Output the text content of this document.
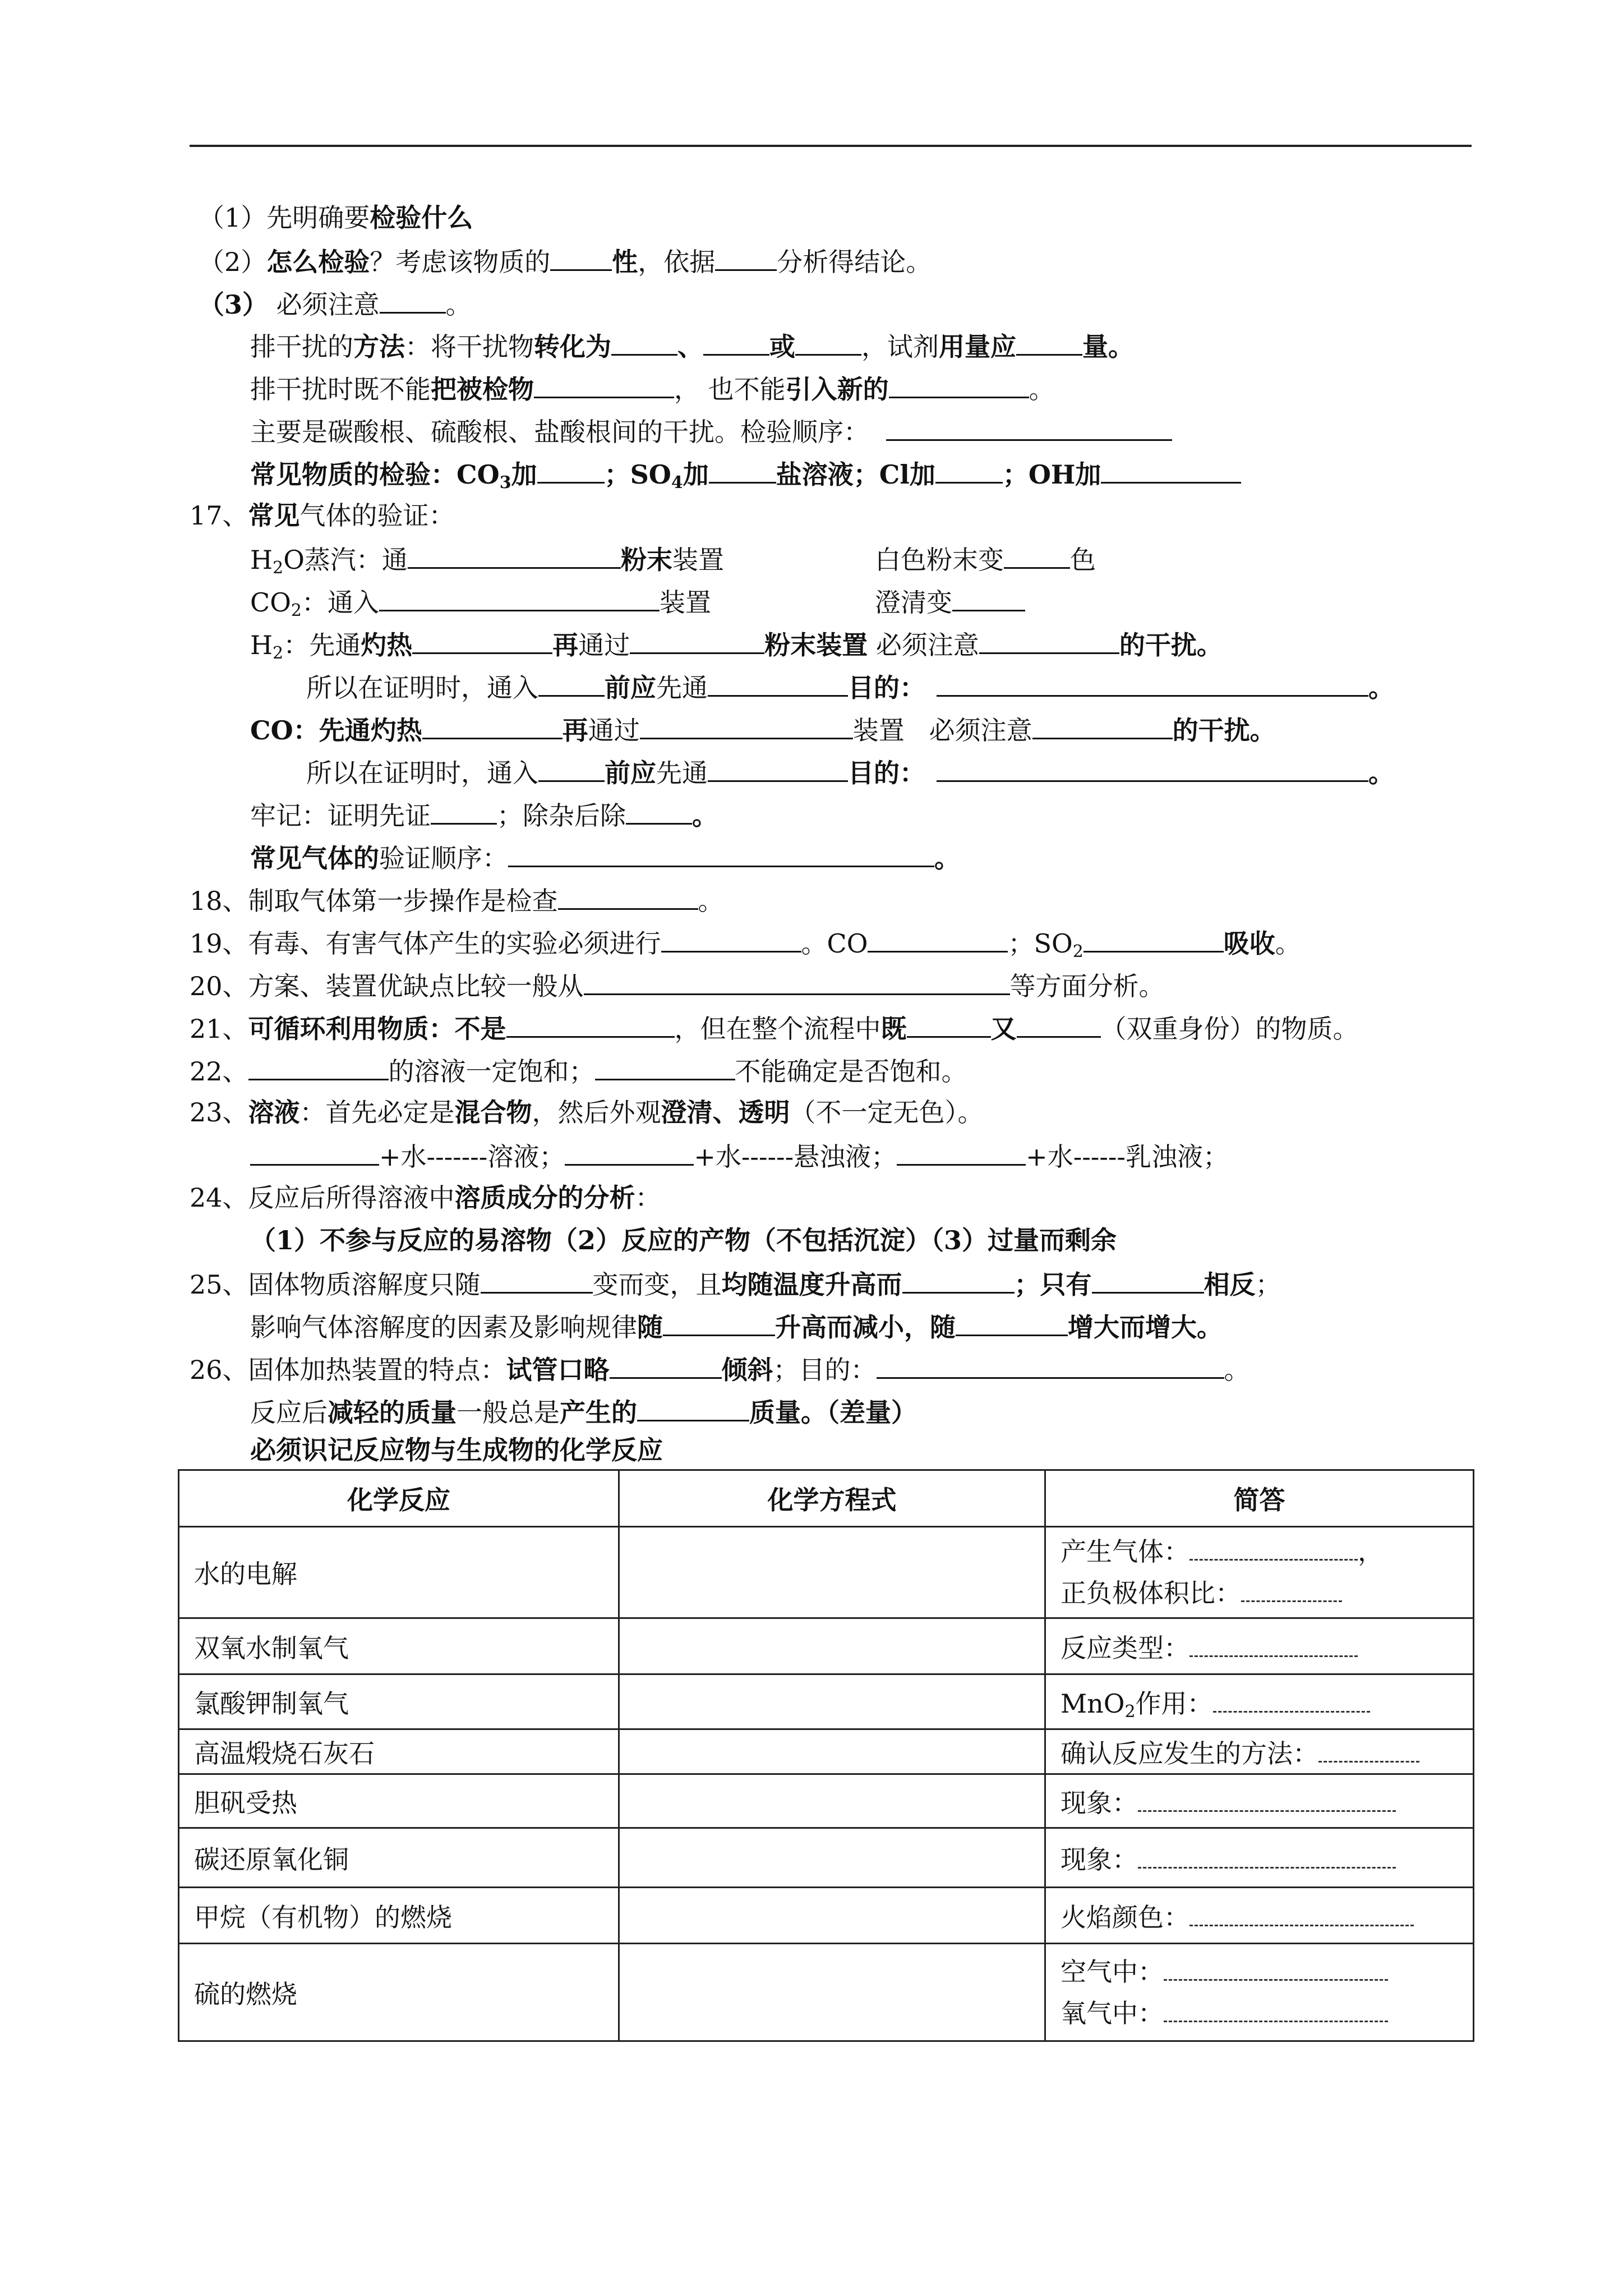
（1）先明确要检验什么
（2）怎么检验？考虑该物质的 性，依据 分析得结论。
（3） 必须注意	。
排干扰的方法：将干扰物转化为	、	或	，试剂用量应	量。
排干扰时既不能把被检物	， 也不能引入新的	。
主要是碳酸根、硫酸根、盐酸根间的干扰。检验顺序：
常见物质的检验：$CO_3$加	；$SO_4$加	盐溶液；Cl加	；OH加
17、常见气体的验证：
$H_2O$蒸汽：通	粉末装置	白色粉末变	色
$CO_2$：通入	装置	澄清变
$H_2$：先通灼热	再通过	粉末装置 必须注意	的干扰。
所以在证明时，通入	前应先通	目的：	。
CO：先通灼热	再通过	装置 必须注意	的干扰。
所以在证明时，通入	前应先通	目的：	。
牢记：证明先证	；除杂后除	。
常见气体的验证顺序：	。
18、制取气体第一步操作是检查	。
19、有毒、有害气体产生的实验必须进行	。CO	；$SO_2$	吸收。
20、方案、装置优缺点比较一般从	等方面分析。
21、可循环利用物质：不是	，但在整个流程中既	又	（双重身份）的物质。
22、	的溶液一定饱和；	不能确定是否饱和。
23、溶液：首先必定是混合物，然后外观澄清、透明（不一定无色）。
+水-------溶液；	+水------悬浊液；	+水------乳浊液；
24、反应后所得溶液中溶质成分的分析：
（1）不参与反应的易溶物（2）反应的产物（不包括沉淀）（3）过量而剩余
25、固体物质溶解度只随	变而变，且均随温度升高而	；只有	相反；
影响气体溶解度的因素及影响规律随	升高而减小，随	增大而增大。
26、固体加热装置的特点：试管口略	倾斜；目的：	。
反应后减轻的质量一般总是产生的	质量。（差量）
必须识记反应物与生成物的化学反应
化学反应	化学方程式	简答
水的电解		产生气体： ，
正负极体积比：

双氧水制氧气		反应类型：
氯酸钾制氧气		MnO$_2$作用：
高温煅烧石灰石		确认反应发生的方法：
胆矾受热		现象：
碳还原氧化铜		现象：
甲烷（有机物）的燃烧		火焰颜色：
硫的燃烧		空气中：
氧气中：
